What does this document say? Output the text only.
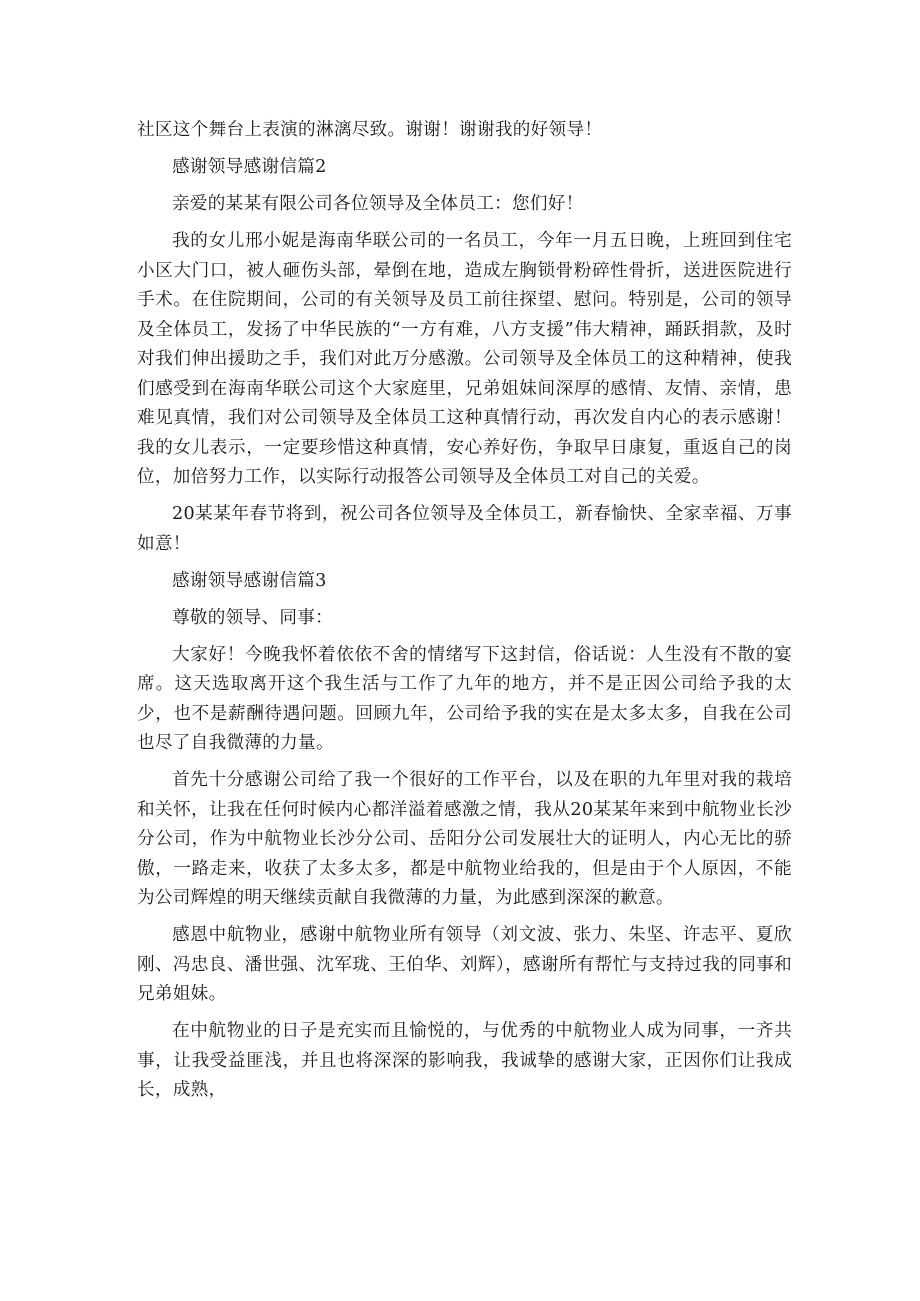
社区这个舞台上表演的淋漓尽致。谢谢！谢谢我的好领导！

感谢领导感谢信篇2

亲爱的某某有限公司各位领导及全体员工：您们好！

我的女儿邢小妮是海南华联公司的一名员工，今年一月五日晚，上班回到住宅小区大门口，被人砸伤头部，晕倒在地，造成左胸锁骨粉碎性骨折，送进医院进行手术。在住院期间，公司的有关领导及员工前往探望、慰问。特别是，公司的领导及全体员工，发扬了中华民族的“一方有难，八方支援”伟大精神，踊跃捐款，及时对我们伸出援助之手，我们对此万分感激。公司领导及全体员工的这种精神，使我们感受到在海南华联公司这个大家庭里，兄弟姐妹间深厚的感情、友情、亲情，患难见真情，我们对公司领导及全体员工这种真情行动，再次发自内心的表示感谢！我的女儿表示，一定要珍惜这种真情，安心养好伤，争取早日康复，重返自己的岗位，加倍努力工作，以实际行动报答公司领导及全体员工对自己的关爱。

20某某年春节将到，祝公司各位领导及全体员工，新春愉快、全家幸福、万事如意！

感谢领导感谢信篇3

尊敬的领导、同事：

大家好！今晚我怀着依依不舍的情绪写下这封信，俗话说：人生没有不散的宴席。这天选取离开这个我生活与工作了九年的地方，并不是正因公司给予我的太少，也不是薪酬待遇问题。回顾九年，公司给予我的实在是太多太多，自我在公司也尽了自我微薄的力量。

首先十分感谢公司给了我一个很好的工作平台，以及在职的九年里对我的栽培和关怀，让我在任何时候内心都洋溢着感激之情，我从20某某年来到中航物业长沙分公司，作为中航物业长沙分公司、岳阳分公司发展壮大的证明人，内心无比的骄傲，一路走来，收获了太多太多，都是中航物业给我的，但是由于个人原因，不能为公司辉煌的明天继续贡献自我微薄的力量，为此感到深深的歉意。

感恩中航物业，感谢中航物业所有领导（刘文波、张力、朱坚、许志平、夏欣刚、冯忠良、潘世强、沈军珑、王伯华、刘辉），感谢所有帮忙与支持过我的同事和兄弟姐妹。

在中航物业的日子是充实而且愉悦的，与优秀的中航物业人成为同事，一齐共事，让我受益匪浅，并且也将深深的影响我，我诚挚的感谢大家，正因你们让我成长，成熟，
